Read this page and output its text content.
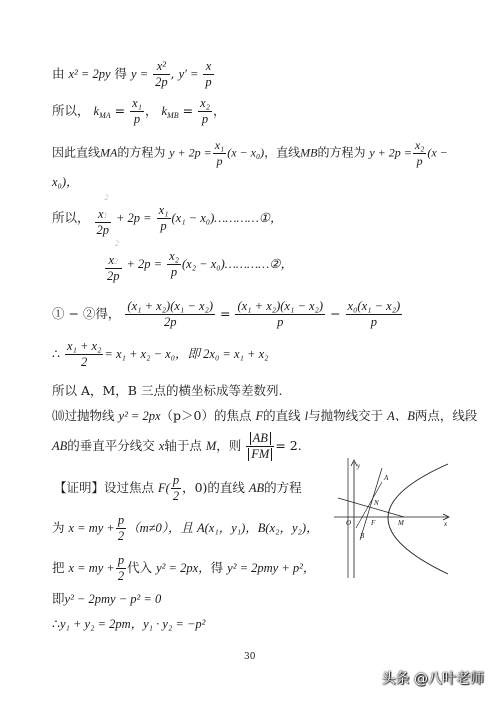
由 x² = 2py 得 $y = \frac{\text{x²}}{2p}$ , $y' = \frac{x}{p}$
所以， $k_{MA} = \frac{\text{x₁}}{p}$ ， $k_{MB} = \frac{\text{x₂}}{p}$ ，
因此直线MA的方程为 $y + 2p = \frac{\text{x₁}}{p} (x - x_0)$，直线MB的方程为 $y + 2p = \frac{\text{x₂}}{p} (x$ −
x₀)，
所以，
2
x1
2p
+ $2p = \frac{\text{x₁}}{p} (x_1$ − x₀)…………①，
2
x2
2p
+ $2p = \frac{\text{x₂}}{p} (x_2$ − x₀)…………②，
① − ②得， $\frac{\text{(x₁ + x₂)(x₁ − x₂)}}{2p} = \frac{\text{(x₁ + x₂)(x₁ − x₂)}}{p} - \frac{\text{x₀(x₁ − x₂)}}{p}$
∴ $\frac{\text{x₁ + x₂}}{2} = x_1 + x_2 - x_0$，即 2x₀ = x₁ + x₂
所以 A，M，B 三点的横坐标成等差数列.
⑽过抛物线 y² = 2px（p＞0）的焦点 F的直线 l与抛物线交于 A、B两点，线段
AB的垂直平分线交 x轴于点 M，则 $\frac{AB}{FM} = 2$.
【证明】设过焦点 $F( \frac{p}{2}$ ，0)的直线 AB的方程
为 x = my + $\frac{p}{2} (m\ne 0)$，且 A(x₁，y₁)，B(x₂，y₂)，
把 x = my + $\frac{p}{2}$ 代入 y² = 2px，得 y² = 2pmy + p²，
即y² − 2pmy − p² = 0
∴y₁ + y₂ = 2pm，y₁ · y₂ = −p²
y
A
N
O	F	M	x
B
30
头条 @八叶老师
